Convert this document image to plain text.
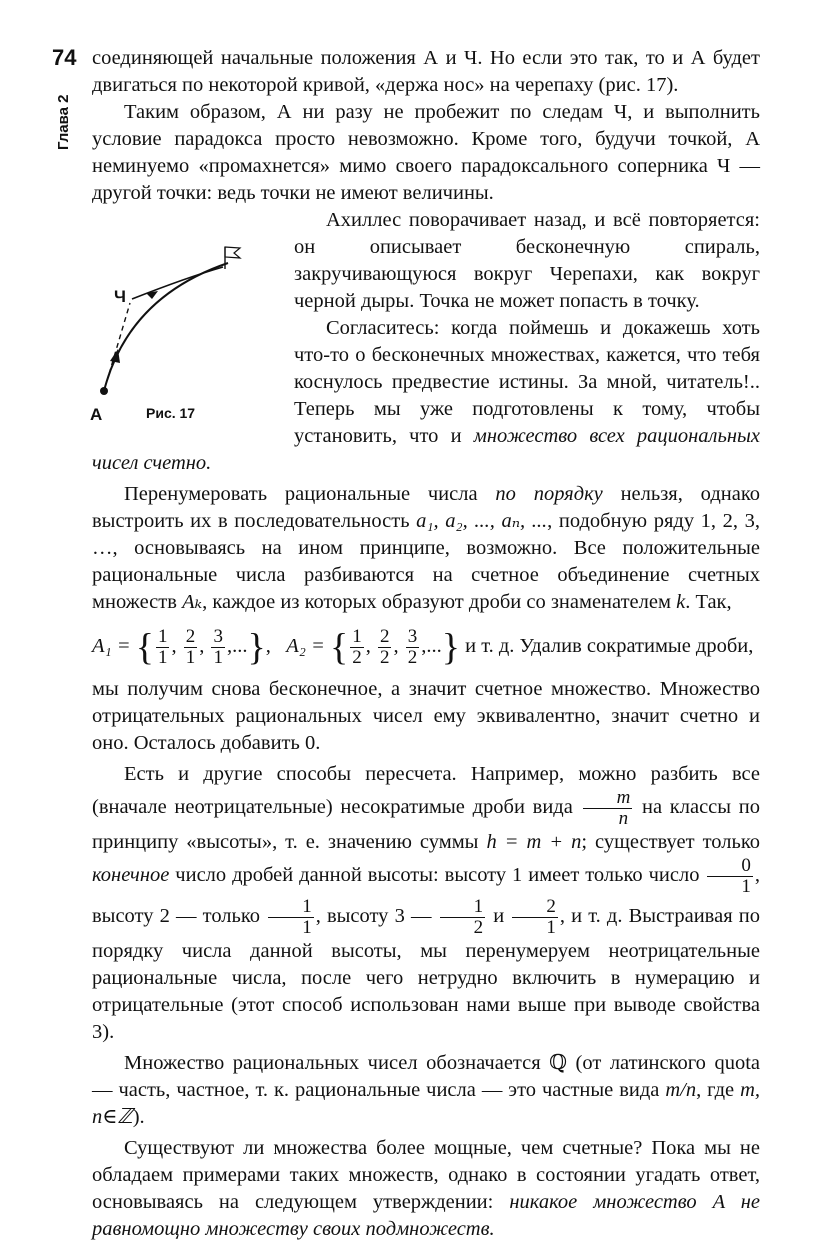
74
Глава 2

соединяющей начальные положения А и Ч. Но если это так, то и А будет двигаться по некоторой кривой, «держа нос» на черепаху (рис. 17).

Таким образом, А ни разу не пробежит по следам Ч, и выполнить условие парадокса просто невозможно. Кроме того, будучи точкой, А неминуемо «промахнется» мимо своего парадоксального соперника Ч — другой точки: ведь точки не имеют величины.

Ч
А	Рис. 17

Ахиллес поворачивает назад, и всё повторяется: он описывает бесконечную спираль, закручивающуюся вокруг Черепахи, как вокруг черной дыры. Точка не может попасть в точку.

Согласитесь: когда поймешь и докажешь хоть что-то о бесконечных множествах, кажется, что тебя коснулось предвестие истины. За мной, читатель!.. Теперь мы уже подготовлены к тому, чтобы установить, что и множество всех рациональных чисел счетно.

Перенумеровать рациональные числа по порядку нельзя, однако выстроить их в последовательность a₁, a₂, ..., aₙ, ..., подобную ряду 1, 2, 3, …, основываясь на ином принципе, возможно. Все положительные рациональные числа разбиваются на счетное объединение счетных множеств Aₖ, каждое из которых образуют дроби со знаменателем k. Так,

A₁ = { $\frac{1}{1}$ , $\frac{2}{1}$ , $\frac{3}{1}$ ,...},   A₂ = { $\frac{1}{2}$ , $\frac{2}{2}$ , $\frac{3}{2}$ ,...} и т. д. Удалив сократимые дроби,

мы получим снова бесконечное, а значит счетное множество. Множество отрицательных рациональных чисел ему эквивалентно, значит счетно и оно. Осталось добавить 0.

Есть и другие способы пересчета. Например, можно разбить все (вначале неотрицательные) несократимые дроби вида $\frac{m}{n}$ на классы по принципу «высоты», т. е. значению суммы h = m + n; существует только конечное число дробей данной высоты: высоту 1 имеет только число $\frac{0}{1}$ , высоту 2 — только $\frac{1}{1}$ , высоту 3 — $\frac{1}{2}$ и $\frac{2}{1}$ , и т. д. Выстраивая по порядку числа данной высоты, мы перенумеруем неотрицательные рациональные числа, после чего нетрудно включить в нумерацию и отрицательные (этот способ использован нами выше при выводе свойства 3).

Множество рациональных чисел обозначается ℚ (от латинского quota — часть, частное, т. к. рациональные числа — это частные вида m/n, где m, n∈ℤ).

Существуют ли множества более мощные, чем счетные? Пока мы не обладаем примерами таких множеств, однако в состоянии угадать ответ, основываясь на следующем утверждении: никакое множество A не равномощно множеству своих подмножеств.
